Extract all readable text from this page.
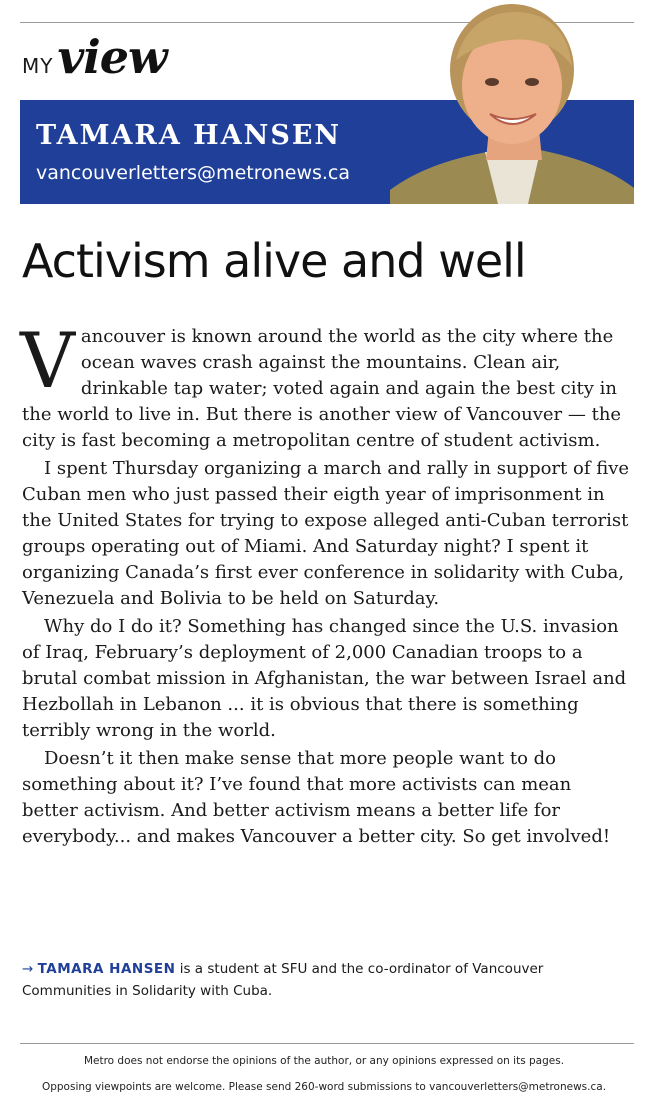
MYview
TAMARA HANSEN
vancouverletters@metronews.ca
Activism alive and well

Vancouver is known around the world as the city where the ocean waves crash against the mountains. Clean air, drinkable tap water; voted again and again the best city in the world to live in. But there is another view of Vancouver — the city is fast becoming a metropolitan centre of student activism.

I spent Thursday organizing a march and rally in support of five Cuban men who just passed their eigth year of imprisonment in the United States for trying to expose alleged anti-Cuban terrorist groups operating out of Miami. And Saturday night? I spent it organizing Canada’s first ever conference in solidarity with Cuba, Venezuela and Bolivia to be held on Saturday.

Why do I do it? Something has changed since the U.S. invasion of Iraq, February’s deployment of 2,000 Canadian troops to a brutal combat mission in Afghanistan, the war between Israel and Hezbollah in Lebanon ... it is obvious that there is something terribly wrong in the world.

Doesn’t it then make sense that more people want to do something about it? I’ve found that more activists can mean better activism. And better activism means a better life for everybody... and makes Vancouver a better city. So get involved!

→ TAMARA HANSEN is a student at SFU and the co-ordinator of Vancouver Communities in Solidarity with Cuba.
Metro does not endorse the opinions of the author, or any opinions expressed on its pages.
Opposing viewpoints are welcome. Please send 260-word submissions to vancouverletters@metronews.ca.
